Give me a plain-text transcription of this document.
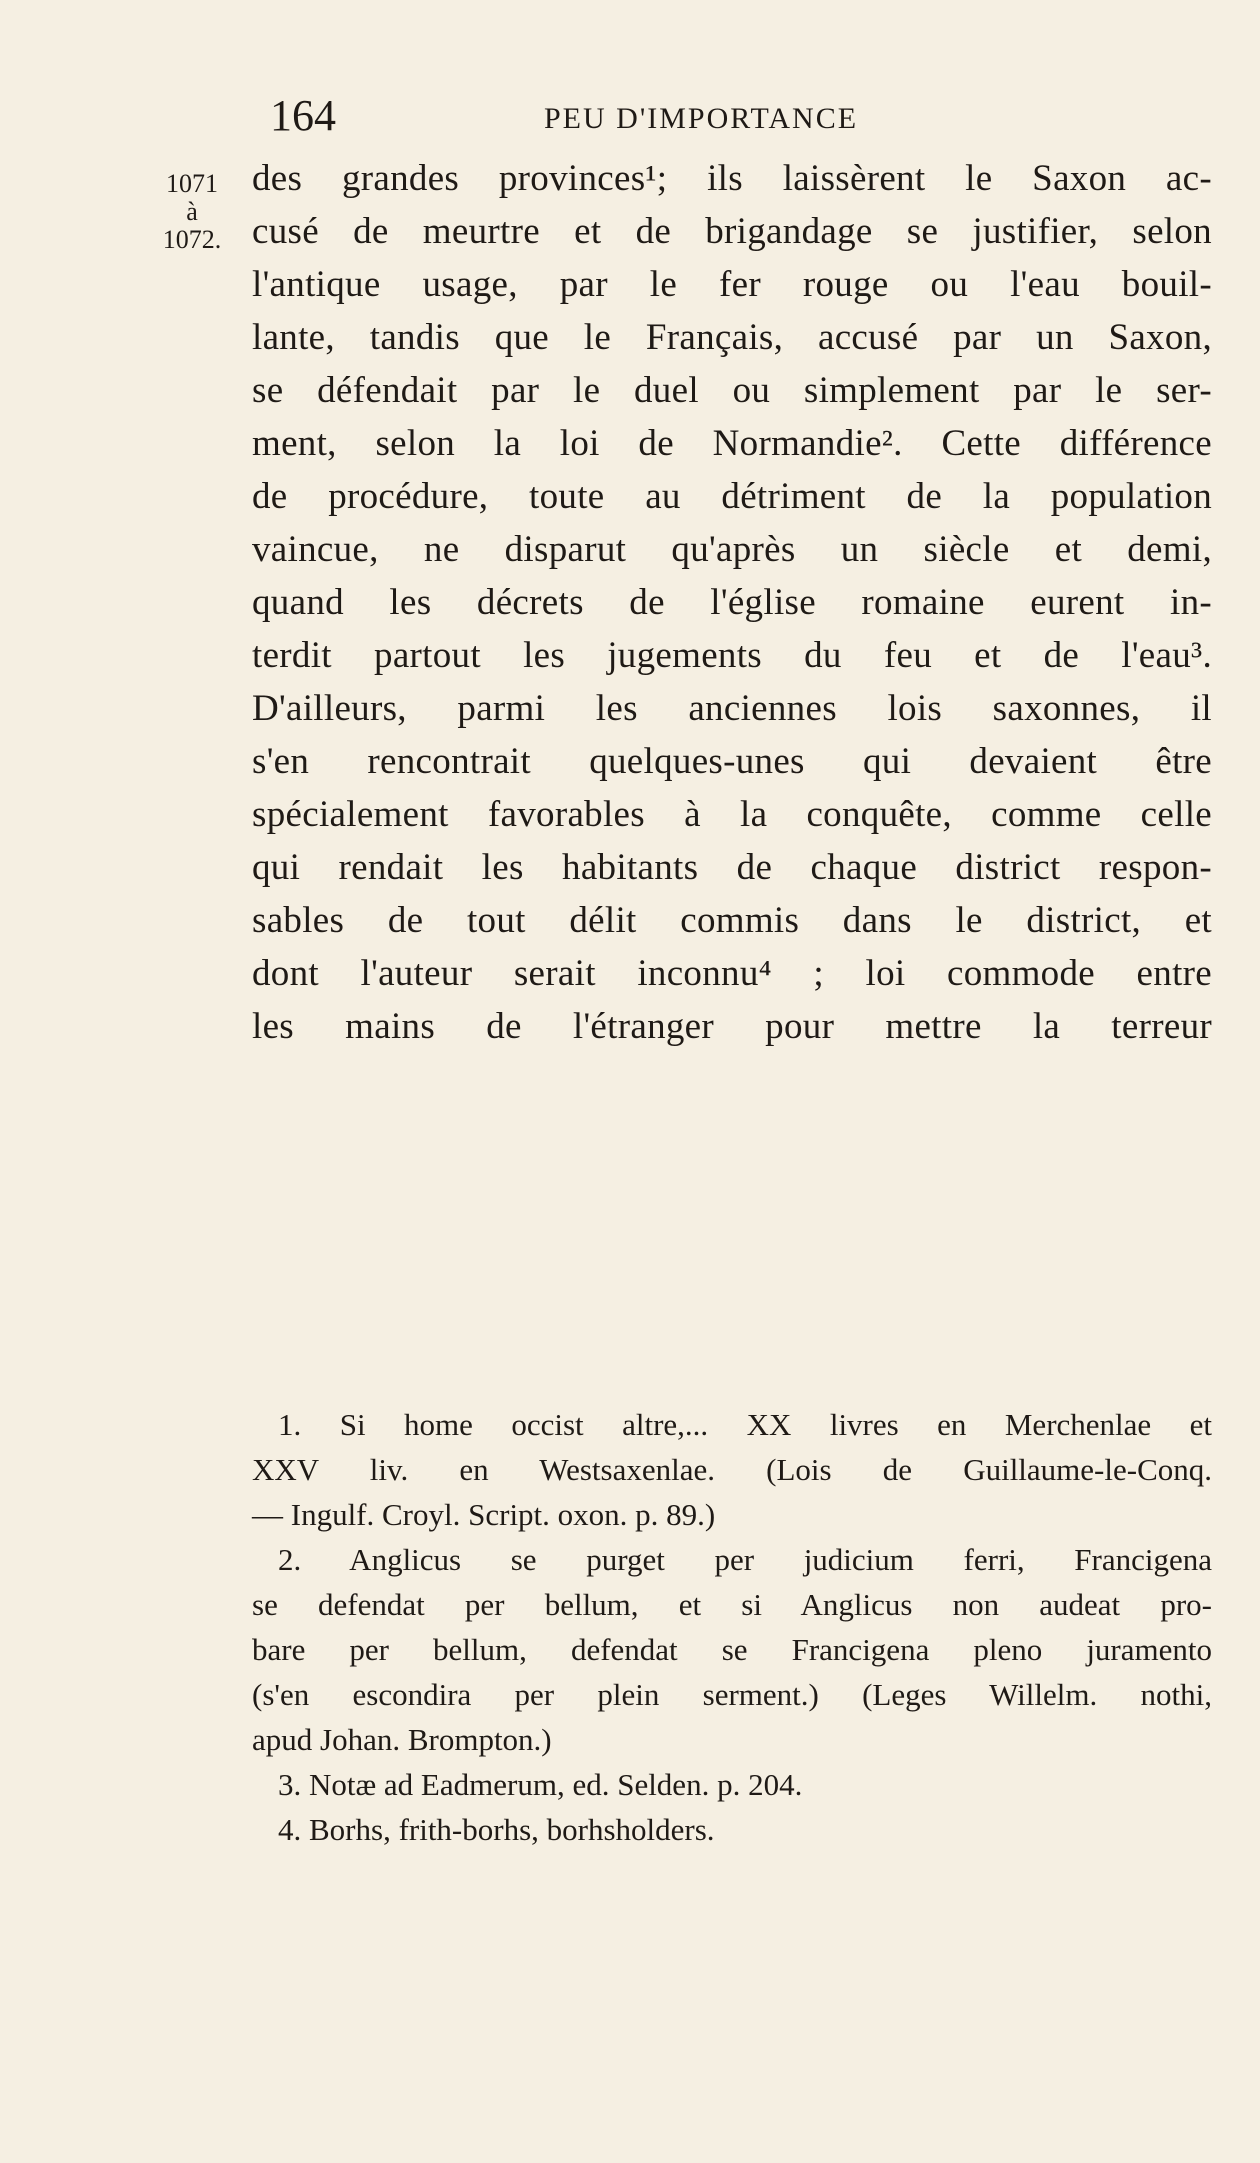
164	PEU D'IMPORTANCE
1071
à
1072.
des grandes provinces¹; ils laissèrent le Saxon ac-
cusé de meurtre et de brigandage se justifier, selon
l'antique usage, par le fer rouge ou l'eau bouil-
lante, tandis que le Français, accusé par un Saxon,
se défendait par le duel ou simplement par le ser-
ment, selon la loi de Normandie². Cette différence
de procédure, toute au détriment de la population
vaincue, ne disparut qu'après un siècle et demi,
quand les décrets de l'église romaine eurent in-
terdit partout les jugements du feu et de l'eau³.
D'ailleurs, parmi les anciennes lois saxonnes, il
s'en rencontrait quelques-unes qui devaient être
spécialement favorables à la conquête, comme celle
qui rendait les habitants de chaque district respon-
sables de tout délit commis dans le district, et
dont l'auteur serait inconnu⁴ ; loi commode entre
les mains de l'étranger pour mettre la terreur
1. Si home occist altre,... XX livres en Merchenlae et
XXV liv. en Westsaxenlae. (Lois de Guillaume-le-Conq.
— Ingulf. Croyl. Script. oxon. p. 89.)
2. Anglicus se purget per judicium ferri, Francigena
se defendat per bellum, et si Anglicus non audeat pro-
bare per bellum, defendat se Francigena pleno juramento
(s'en escondira per plein serment.) (Leges Willelm. nothi,
apud Johan. Brompton.)
3. Notæ ad Eadmerum, ed. Selden. p. 204.
4. Borhs, frith-borhs, borhsholders.
